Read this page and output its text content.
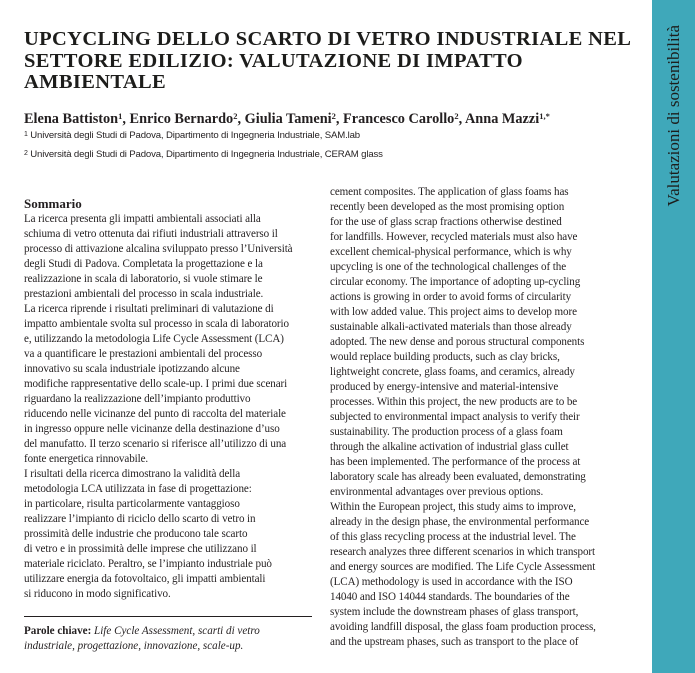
Valutazioni di sostenibilità
UPCYCLING DELLO SCARTO DI VETRO INDUSTRIALE NEL SETTORE EDILIZIO: VALUTAZIONE DI IMPATTO AMBIENTALE
Elena Battiston$^1$, Enrico Bernardo$^2$, Giulia Tameni$^2$, Francesco Carollo$^2$, Anna Mazzi$^{1,*}$
$^1$ Università degli Studi di Padova, Dipartimento di Ingegneria Industriale, SAM.lab
$^2$ Università degli Studi di Padova, Dipartimento di Ingegneria Industriale, CERAM glass
Sommario
La ricerca presenta gli impatti ambientali associati alla
schiuma di vetro ottenuta dai rifiuti industriali attraverso il
processo di attivazione alcalina sviluppato presso l’Università
degli Studi di Padova. Completata la progettazione e la
realizzazione in scala di laboratorio, si vuole stimare le
prestazioni ambientali del processo in scala industriale.
La ricerca riprende i risultati preliminari di valutazione di
impatto ambientale svolta sul processo in scala di laboratorio
e, utilizzando la metodologia Life Cycle Assessment (LCA)
va a quantificare le prestazioni ambientali del processo
innovativo su scala industriale ipotizzando alcune
modifiche rappresentative dello scale-up. I primi due scenari
riguardano la realizzazione dell’impianto produttivo
riducendo nelle vicinanze del punto di raccolta del materiale
in ingresso oppure nelle vicinanze della destinazione d’uso
del manufatto. Il terzo scenario si riferisce all’utilizzo di una
fonte energetica rinnovabile.
I risultati della ricerca dimostrano la validità della
metodologia LCA utilizzata in fase di progettazione:
in particolare, risulta particolarmente vantaggioso
realizzare l’impianto di riciclo dello scarto di vetro in
prossimità delle industrie che producono tale scarto
di vetro e in prossimità delle imprese che utilizzano il
materiale riciclato. Peraltro, se l’impianto industriale può
utilizzare energia da fotovoltaico, gli impatti ambientali
si riducono in modo significativo.
Parole chiave: Life Cycle Assessment, scarti di vetro
industriale, progettazione, innovazione, scale-up.
cement composites. The application of glass foams has
recently been developed as the most promising option
for the use of glass scrap fractions otherwise destined
for landfills. However, recycled materials must also have
excellent chemical-physical performance, which is why
upcycling is one of the technological challenges of the
circular economy. The importance of adopting up-cycling
actions is growing in order to avoid forms of circularity
with low added value. This project aims to develop more
sustainable alkali-activated materials than those already
adopted. The new dense and porous structural components
would replace building products, such as clay bricks,
lightweight concrete, glass foams, and ceramics, already
produced by energy-intensive and material-intensive
processes. Within this project, the new products are to be
subjected to environmental impact analysis to verify their
sustainability. The production process of a glass foam
through the alkaline activation of industrial glass cullet
has been implemented. The performance of the process at
laboratory scale has already been evaluated, demonstrating
environmental advantages over previous options.
Within the European project, this study aims to improve,
already in the design phase, the environmental performance
of this glass recycling process at the industrial level. The
research analyzes three different scenarios in which transport
and energy sources are modified. The Life Cycle Assessment
(LCA) methodology is used in accordance with the ISO
14040 and ISO 14044 standards. The boundaries of the
system include the downstream phases of glass transport,
avoiding landfill disposal, the glass foam production process,
and the upstream phases, such as transport to the place of
